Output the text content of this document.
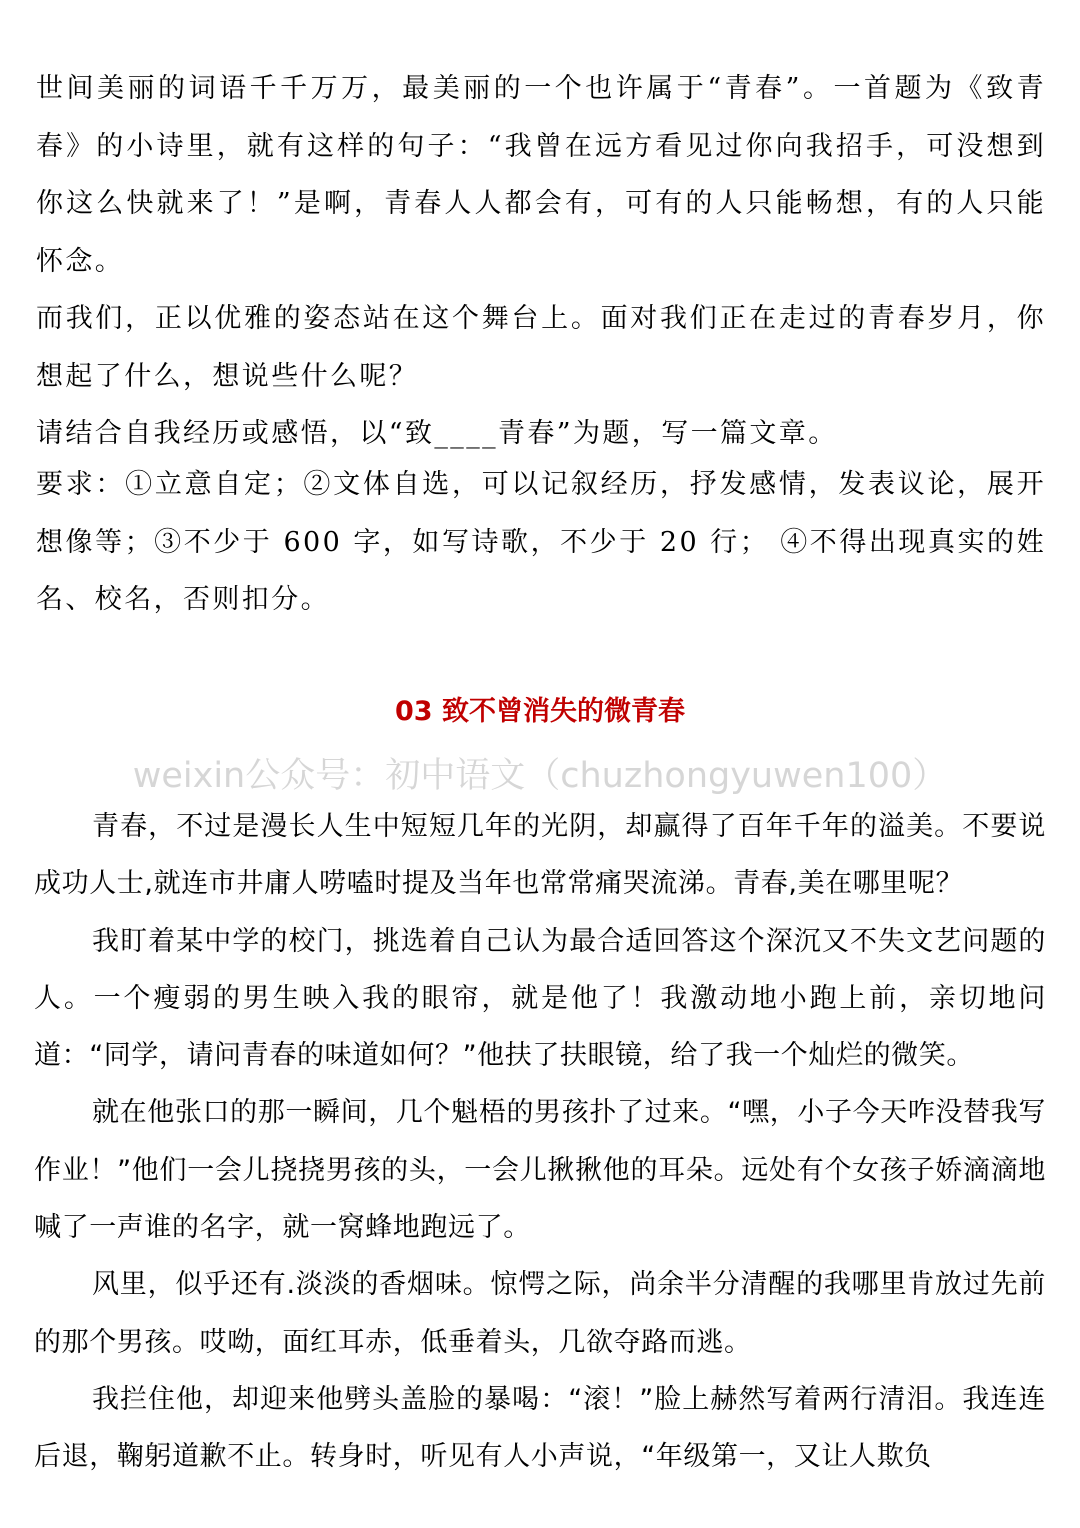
世间美丽的词语千千万万，最美丽的一个也许属于“青春”。一首题为《致青春》的小诗里，就有这样的句子：“我曾在远方看见过你向我招手，可没想到你这么快就来了！”是啊，青春人人都会有，可有的人只能畅想，有的人只能怀念。

而我们，正以优雅的姿态站在这个舞台上。面对我们正在走过的青春岁月，你想起了什么，想说些什么呢？

请结合自我经历或感悟，以“致____青春”为题，写一篇文章。

要求：①立意自定；②文体自选，可以记叙经历，抒发感情，发表议论，展开想像等；③不少于 600 字，如写诗歌，不少于 20 行； ④不得出现真实的姓名、校名，否则扣分。

03 致不曾消失的微青春
weixin公众号：初中语文（chuzhongyuwen100）

青春，不过是漫长人生中短短几年的光阴，却赢得了百年千年的溢美。不要说成功人士,就连市井庸人唠嗑时提及当年也常常痛哭流涕。青春,美在哪里呢？

我盯着某中学的校门，挑选着自己认为最合适回答这个深沉又不失文艺问题的人。一个瘦弱的男生映入我的眼帘，就是他了！我激动地小跑上前，亲切地问道：“同学，请问青春的味道如何？”他扶了扶眼镜，给了我一个灿烂的微笑。

就在他张口的那一瞬间，几个魁梧的男孩扑了过来。“嘿，小子今天咋没替我写作业！”他们一会儿挠挠男孩的头，一会儿揪揪他的耳朵。远处有个女孩子娇滴滴地喊了一声谁的名字，就一窝蜂地跑远了。

风里，似乎还有.淡淡的香烟味。惊愕之际，尚余半分清醒的我哪里肯放过先前的那个男孩。哎呦，面红耳赤，低垂着头，几欲夺路而逃。

我拦住他，却迎来他劈头盖脸的暴喝：“滚！”脸上赫然写着两行清泪。我连连后退，鞠躬道歉不止。转身时，听见有人小声说，“年级第一，又让人欺负
